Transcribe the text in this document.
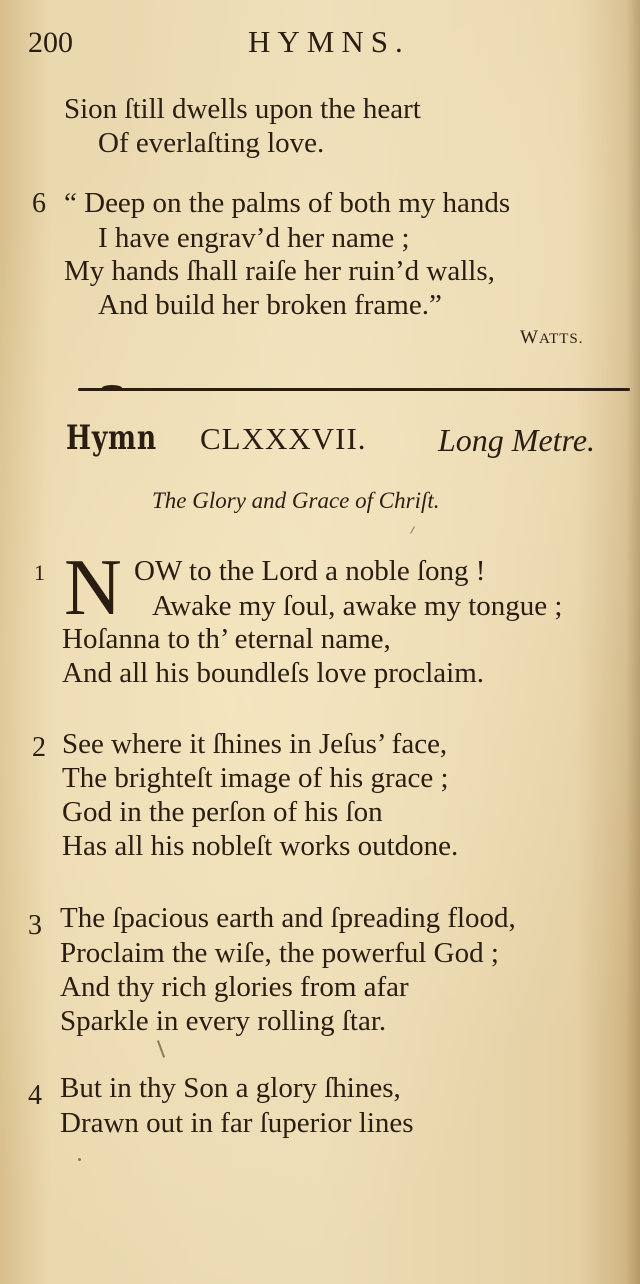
200	HYMNS.
Sion ſtill dwells upon the heart
Of everlaſting love.
6 “ Deep on the palms of both my hands
I have engrav’d her name ;
My hands ſhall raiſe her ruin’d walls,
And build her broken frame.”
WATTS.
Hymn CLXXXVII. Long Metre.
The Glory and Grace of Chriſt.
1 N OW to the Lord a noble ſong !
Awake my ſoul, awake my tongue ;
Hoſanna to th’ eternal name,
And all his boundleſs love proclaim.
2 See where it ſhines in Jeſus’ face,
The brighteſt image of his grace ;
God in the perſon of his ſon
Has all his nobleſt works outdone.
3 The ſpacious earth and ſpreading flood,
Proclaim the wiſe, the powerful God ;
And thy rich glories from afar
Sparkle in every rolling ſtar.
4 But in thy Son a glory ſhines,
Drawn out in far ſuperior lines
